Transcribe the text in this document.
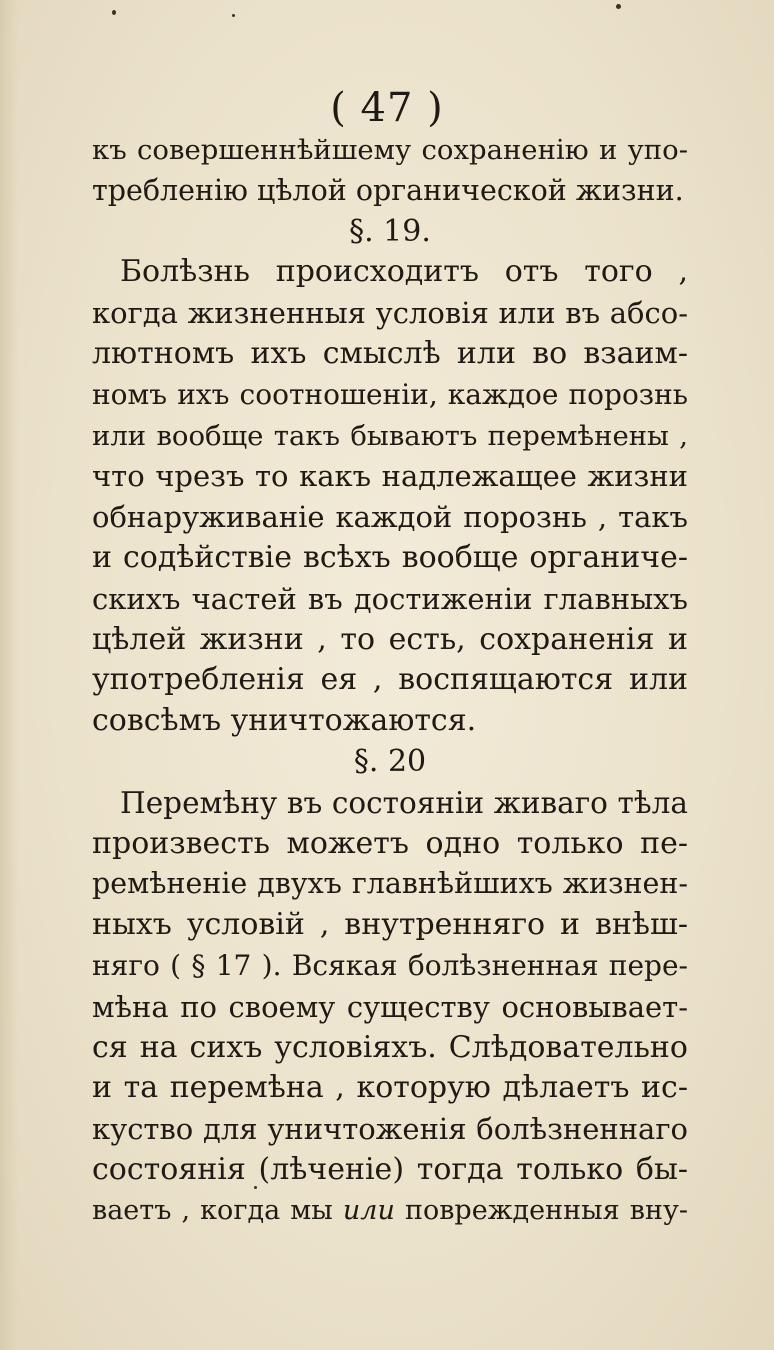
( 47 )
къ совершеннѣйшему сохраненiю и упо-
требленiю цѣлой органической жизни.
§. 19.
Болѣзнь происходитъ отъ того ,
когда жизненныя условiя или въ абсо-
лютномъ ихъ смыслѣ или во взаим-
номъ ихъ соотношенiи, каждое порознь
или вообще такъ бываютъ перемѣнены ,
что чрезъ то какъ надлежащее жизни
обнаруживанiе каждой порознь , такъ
и содѣйствiе всѣхъ вообще органиче-
скихъ частей въ достиженiи главныхъ
цѣлей жизни , то есть, сохраненiя и
употребленiя ея , воспящаются или
совсѣмъ уничтожаются.
§. 20
Перемѣну въ состоянiи живаго тѣла
произвесть можетъ одно только пе-
ремѣненiе двухъ главнѣйшихъ жизнен-
ныхъ условiй , внутренняго и внѣш-
няго ( § 17 ). Всякая болѣзненная пере-
мѣна по своему существу основывает-
ся на сихъ условiяхъ. Слѣдовательно
и та перемѣна , которую дѣлаетъ ис-
куство для уничтоженiя болѣзненнаго
состоянiя (лѣченiе) тогда только бы-
ваетъ , когда мы или поврежденныя вну-
